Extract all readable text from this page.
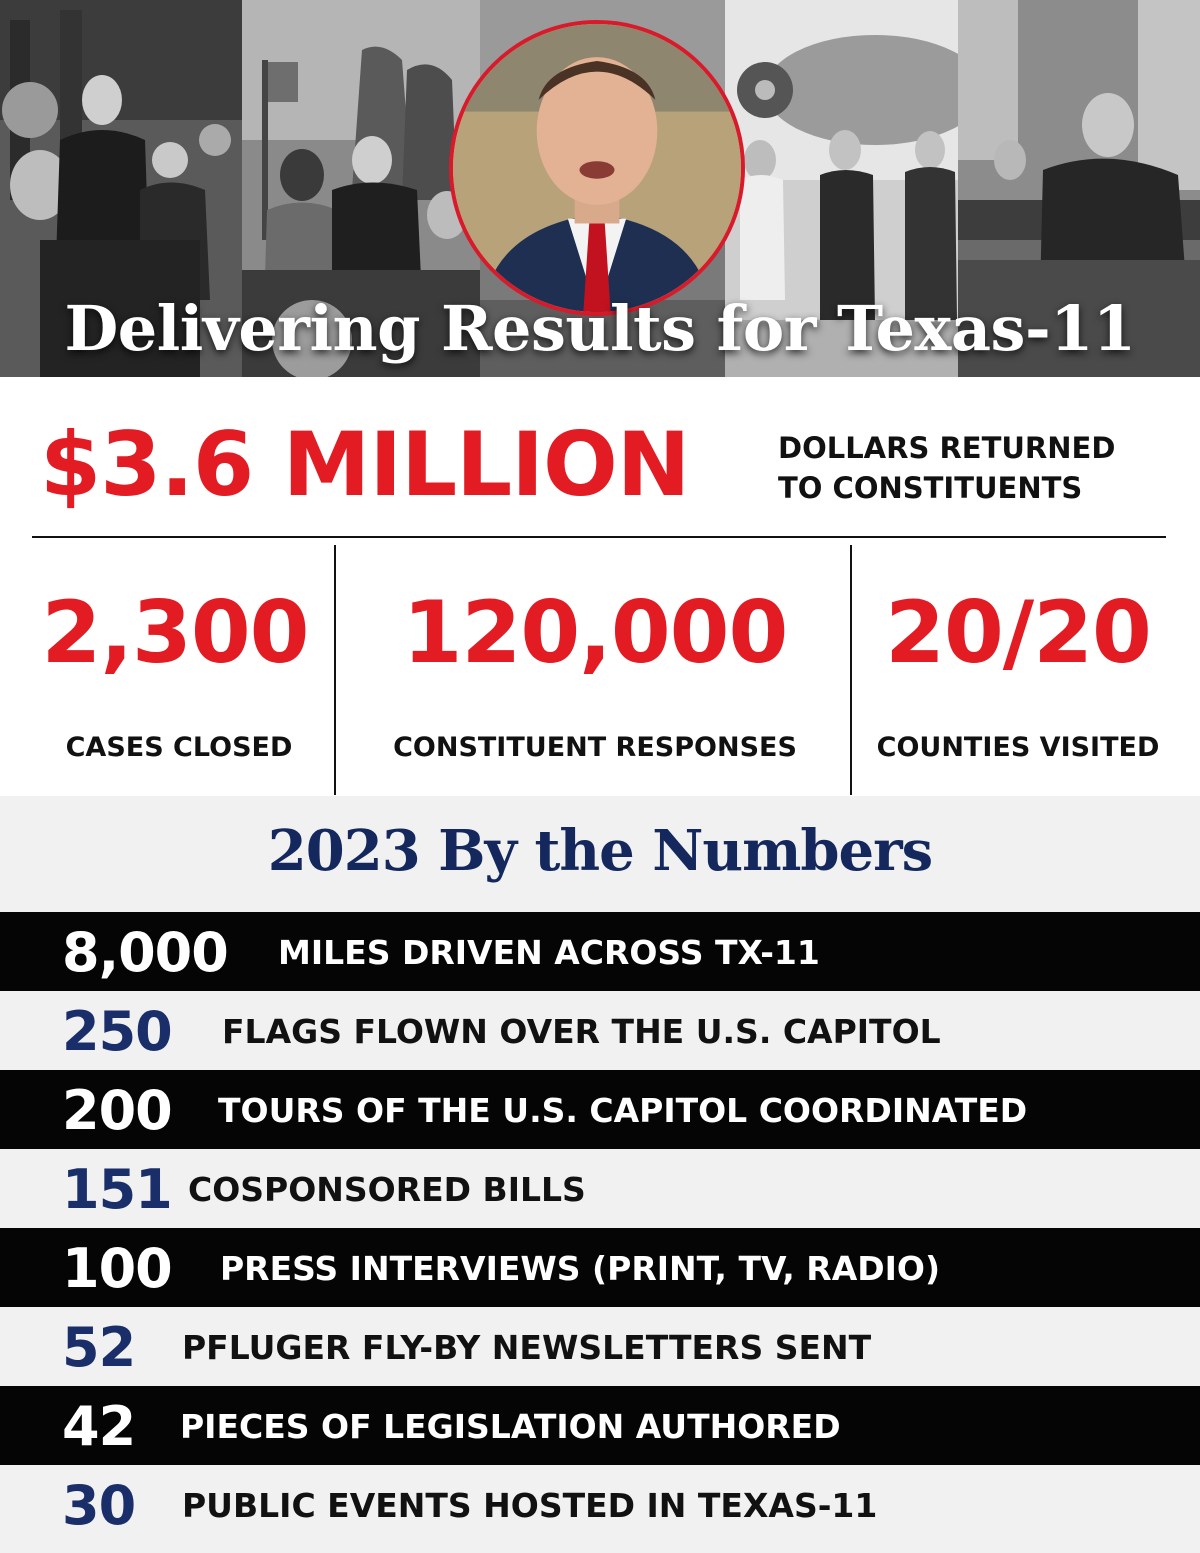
Delivering Results for Texas-11
$3.6 MILLION	DOLLARS RETURNED
TO CONSTITUENTS
2,300
CASES CLOSED
120,000
CONSTITUENT RESPONSES
20/20
COUNTIES VISITED
2023 By the Numbers
8,000 MILES DRIVEN ACROSS TX-11
250 FLAGS FLOWN OVER THE U.S. CAPITOL
200 TOURS OF THE U.S. CAPITOL COORDINATED
151 COSPONSORED BILLS
100 PRESS INTERVIEWS (PRINT, TV, RADIO)
52 PFLUGER FLY-BY NEWSLETTERS SENT
42 PIECES OF LEGISLATION AUTHORED
30 PUBLIC EVENTS HOSTED IN TEXAS-11
